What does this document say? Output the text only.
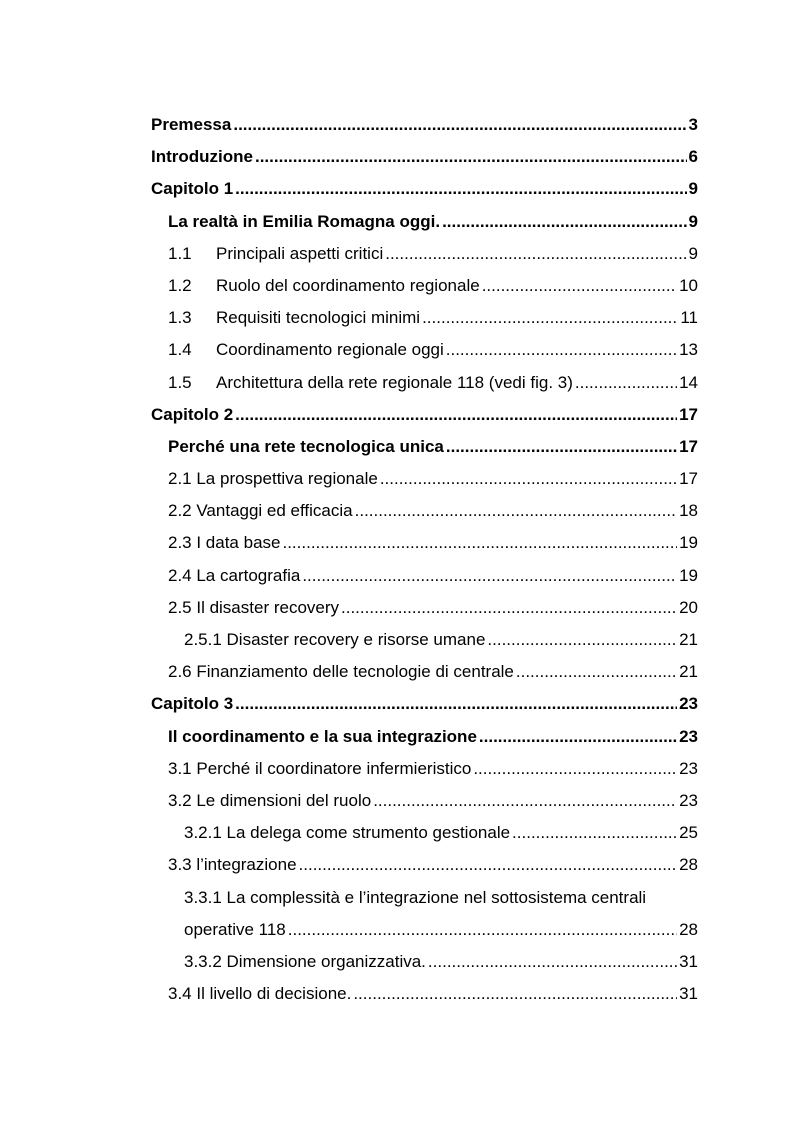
Premessa .....	3
Introduzione .....	6
Capitolo 1 .....	9
La realtà in Emilia Romagna oggi. .....	9
1.1	Principali aspetti critici .....	9
1.2	Ruolo del coordinamento regionale .....	10
1.3	Requisiti tecnologici minimi .....	11
1.4	Coordinamento regionale oggi .....	13
1.5	Architettura della rete regionale 118 (vedi fig. 3) .....	14
Capitolo 2 .....	17
Perché una rete tecnologica unica .....	17
2.1 La prospettiva regionale .....	17
2.2 Vantaggi ed efficacia .....	18
2.3 I data base .....	19
2.4 La cartografia .....	19
2.5 Il disaster recovery .....	20
2.5.1 Disaster recovery e risorse umane .....	21
2.6 Finanziamento delle tecnologie di centrale .....	21
Capitolo 3 .....	23
Il coordinamento e la sua integrazione .....	23
3.1 Perché il coordinatore infermieristico .....	23
3.2 Le dimensioni del ruolo .....	23
3.2.1 La delega come strumento gestionale .....	25
3.3 l’integrazione .....	28
3.3.1 La complessità e l’integrazione nel sottosistema centrali
operative 118 .....	28
3.3.2 Dimensione organizzativa. .....	31
3.4 Il livello di decisione. .....	31
